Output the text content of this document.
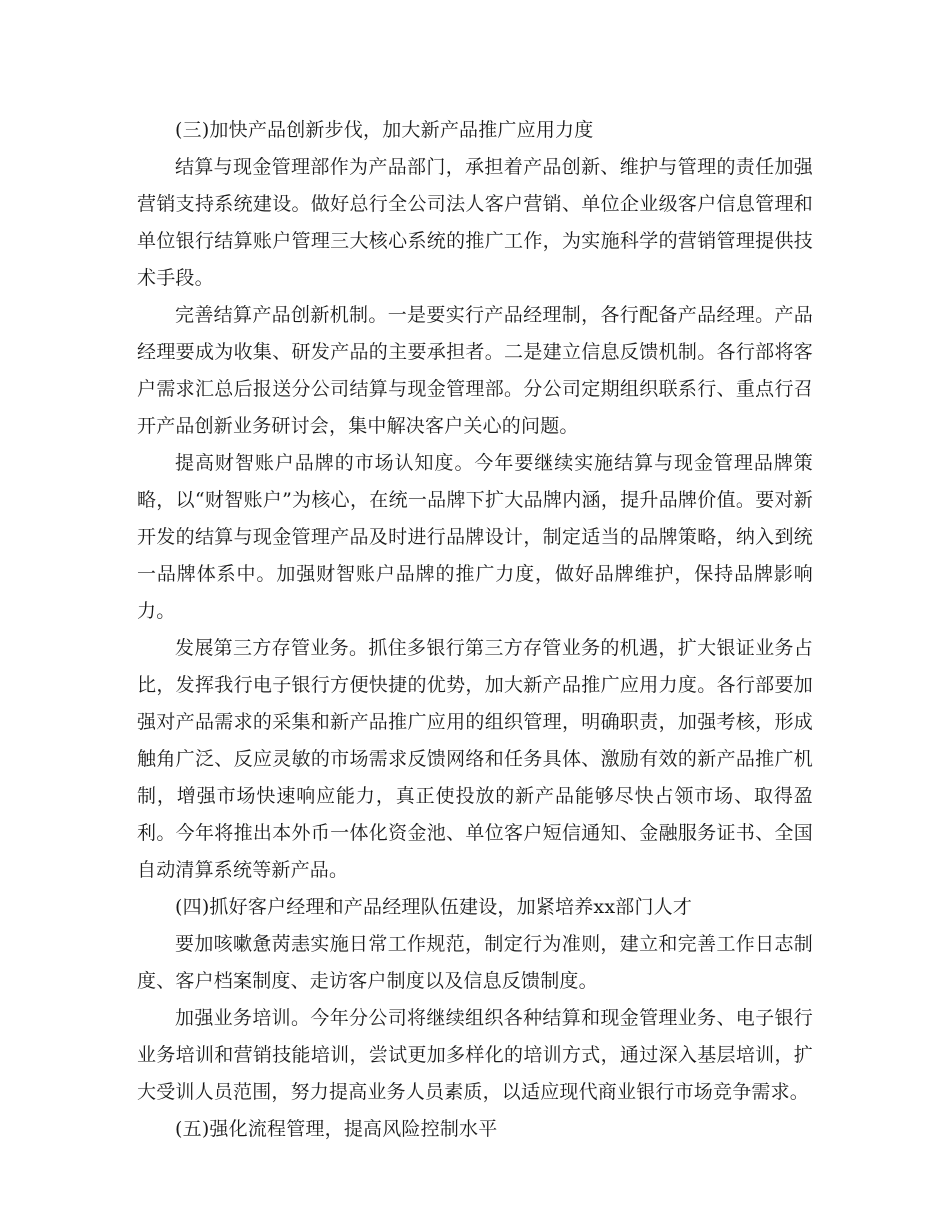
(三)加快产品创新步伐，加大新产品推广应用力度

结算与现金管理部作为产品部门，承担着产品创新、维护与管理的责任加强营销支持系统建设。做好总行全公司法人客户营销、单位企业级客户信息管理和单位银行结算账户管理三大核心系统的推广工作，为实施科学的营销管理提供技术手段。

完善结算产品创新机制。一是要实行产品经理制，各行配备产品经理。产品经理要成为收集、研发产品的主要承担者。二是建立信息反馈机制。各行部将客户需求汇总后报送分公司结算与现金管理部。分公司定期组织联系行、重点行召开产品创新业务研讨会，集中解决客户关心的问题。

提高财智账户品牌的市场认知度。今年要继续实施结算与现金管理品牌策略，以“财智账户”为核心，在统一品牌下扩大品牌内涵，提升品牌价值。要对新开发的结算与现金管理产品及时进行品牌设计，制定适当的品牌策略，纳入到统一品牌体系中。加强财智账户品牌的推广力度，做好品牌维护，保持品牌影响力。

发展第三方存管业务。抓住多银行第三方存管业务的机遇，扩大银证业务占比，发挥我行电子银行方便快捷的优势，加大新产品推广应用力度。各行部要加强对产品需求的采集和新产品推广应用的组织管理，明确职责，加强考核，形成触角广泛、反应灵敏的市场需求反馈网络和任务具体、激励有效的新产品推广机制，增强市场快速响应能力，真正使投放的新产品能够尽快占领市场、取得盈利。今年将推出本外币一体化资金池、单位客户短信通知、金融服务证书、全国自动清算系统等新产品。

(四)抓好客户经理和产品经理队伍建设，加紧培养xx部门人才

要加咳嗽惫苪恚实施日常工作规范，制定行为准则，建立和完善工作日志制度、客户档案制度、走访客户制度以及信息反馈制度。

加强业务培训。今年分公司将继续组织各种结算和现金管理业务、电子银行业务培训和营销技能培训，尝试更加多样化的培训方式，通过深入基层培训，扩大受训人员范围，努力提高业务人员素质，以适应现代商业银行市场竞争需求。

(五)强化流程管理，提高风险控制水平
